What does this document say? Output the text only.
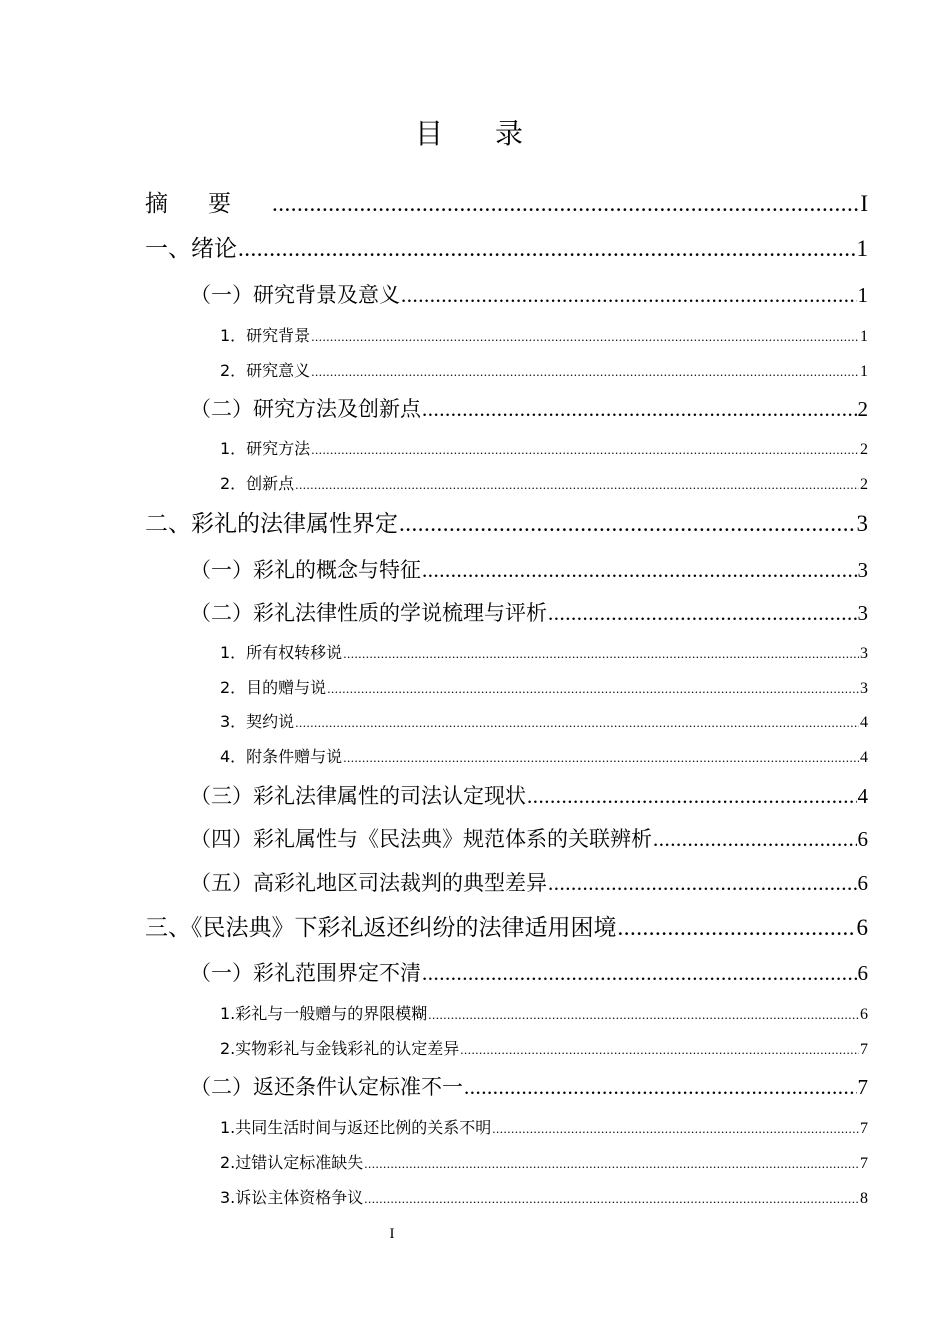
目录
摘要 .....	I
一、绪论 .....	1
（一）研究背景及意义 .....	1
1．研究背景 .....	1
2．研究意义 .....	1
（二）研究方法及创新点 .....	2
1．研究方法 .....	2
2．创新点 .....	2
二、彩礼的法律属性界定 .....	3
（一）彩礼的概念与特征 .....	3
（二）彩礼法律性质的学说梳理与评析 .....	3
1．所有权转移说 .....	3
2．目的赠与说 .....	3
3．契约说 .....	4
4．附条件赠与说 .....	4
（三）彩礼法律属性的司法认定现状 .....	4
（四）彩礼属性与《民法典》规范体系的关联辨析 .....	6
（五）高彩礼地区司法裁判的典型差异 .....	6
三、《民法典》下彩礼返还纠纷的法律适用困境 .....	6
（一）彩礼范围界定不清 .....	6
1.彩礼与一般赠与的界限模糊 .....	6
2.实物彩礼与金钱彩礼的认定差异 .....	7
（二）返还条件认定标准不一 .....	7
1.共同生活时间与返还比例的关系不明 .....	7
2.过错认定标准缺失 .....	7
3.诉讼主体资格争议 .....	8
I
